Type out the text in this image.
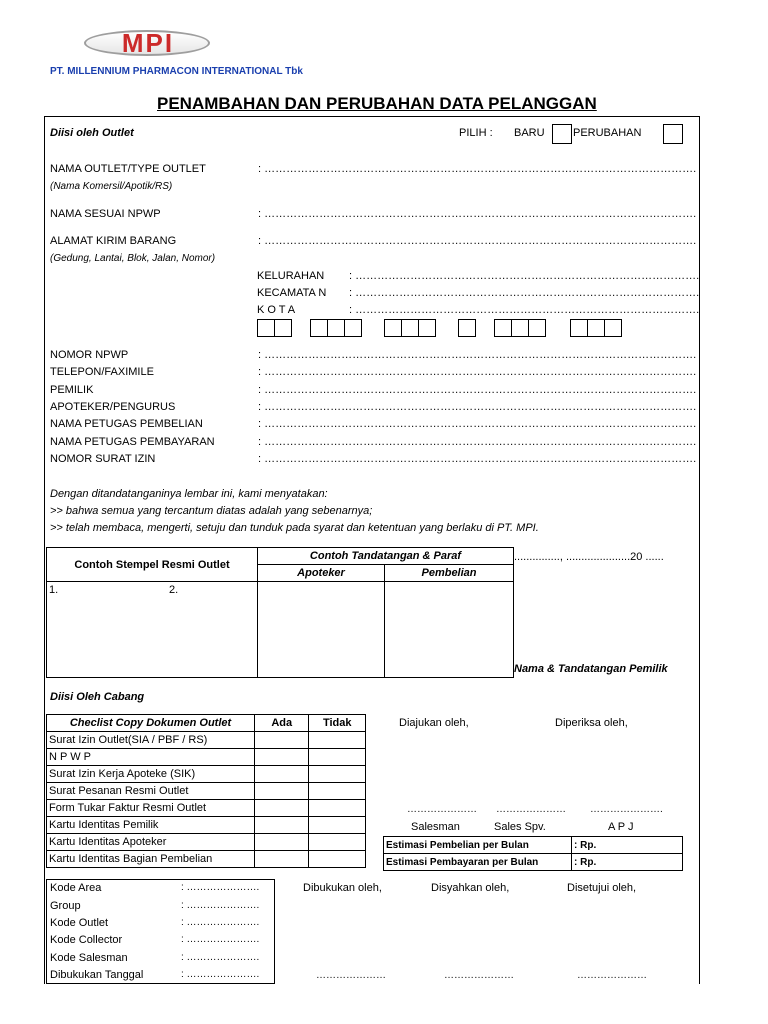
MPI
PT. MILLENNIUM PHARMACON INTERNATIONAL Tbk
PENAMBAHAN DAN PERUBAHAN DATA PELANGGAN
Diisi oleh Outlet	PILIH : BARU	PERUBAHAN
NAMA OUTLET/TYPE OUTLET	: ……………………………………………………………………………………………………….
(Nama Komersil/Apotik/RS)
NAMA SESUAI NPWP	: ……………………………………………………………………………………………………….
ALAMAT KIRIM BARANG	: ……………………………………………………………………………………………………….
(Gedung, Lantai, Blok, Jalan, Nomor)
KELURAHAN : ………………………………………………………………………………….
KECAMATA N : ………………………………………………………………………………….
K O T A	: ………………………………………………………………………………….
NOMOR NPWP	: ……………………………………………………………………………………………………….
TELEPON/FAXIMILE	: ……………………………………………………………………………………………………….
PEMILIK	: ……………………………………………………………………………………………………….
APOTEKER/PENGURUS	: ……………………………………………………………………………………………………….
NAMA PETUGAS PEMBELIAN	: ……………………………………………………………………………………………………….
NAMA PETUGAS PEMBAYARAN	: ……………………………………………………………………………………………………….
NOMOR SURAT IZIN	: ……………………………………………………………………………………………………….
Dengan ditandatanganinya lembar ini, kami menyatakan:
>> bahwa semua yang tercantum diatas adalah yang sebenarnya;
>> telah membaca, mengerti, setuju dan tunduk pada syarat dan ketentuan yang berlaku di PT. MPI.
Contoh Stempel Resmi Outlet	Contoh Tandatangan & Paraf	
	Apoteker	Pembelian

1. 2.		

..............., .....................20 ......
Nama & Tandatangan Pemilik
Diisi Oleh Cabang
Checlist Copy Dokumen Outlet	Ada	Tidak
Surat Izin Outlet(SIA / PBF / RS)		
N P W P		
Surat Izin Kerja Apoteke (SIK)		
Surat Pesanan Resmi Outlet		
Form Tukar Faktur Resmi Outlet		
Kartu Identitas Pemilik		
Kartu Identitas Apoteker		
Kartu Identitas Bagian Pembelian		
Diajukan oleh,	Diperiksa oleh,
………………… ………………… ………………….
Salesman	Sales Spv.	A P J
Estimasi Pembelian per Bulan	: Rp.
Estimasi Pembayaran per Bulan	: Rp.
Kode Area	: ………………….
Group	: ………………….
Kode Outlet	: ………………….
Kode Collector	: ………………….
Kode Salesman	: ………………….
Dibukukan Tanggal	: ………………….
Dibukukan oleh,	Disyahkan oleh,	Disetujui oleh,
…………………	…………………	…………………
